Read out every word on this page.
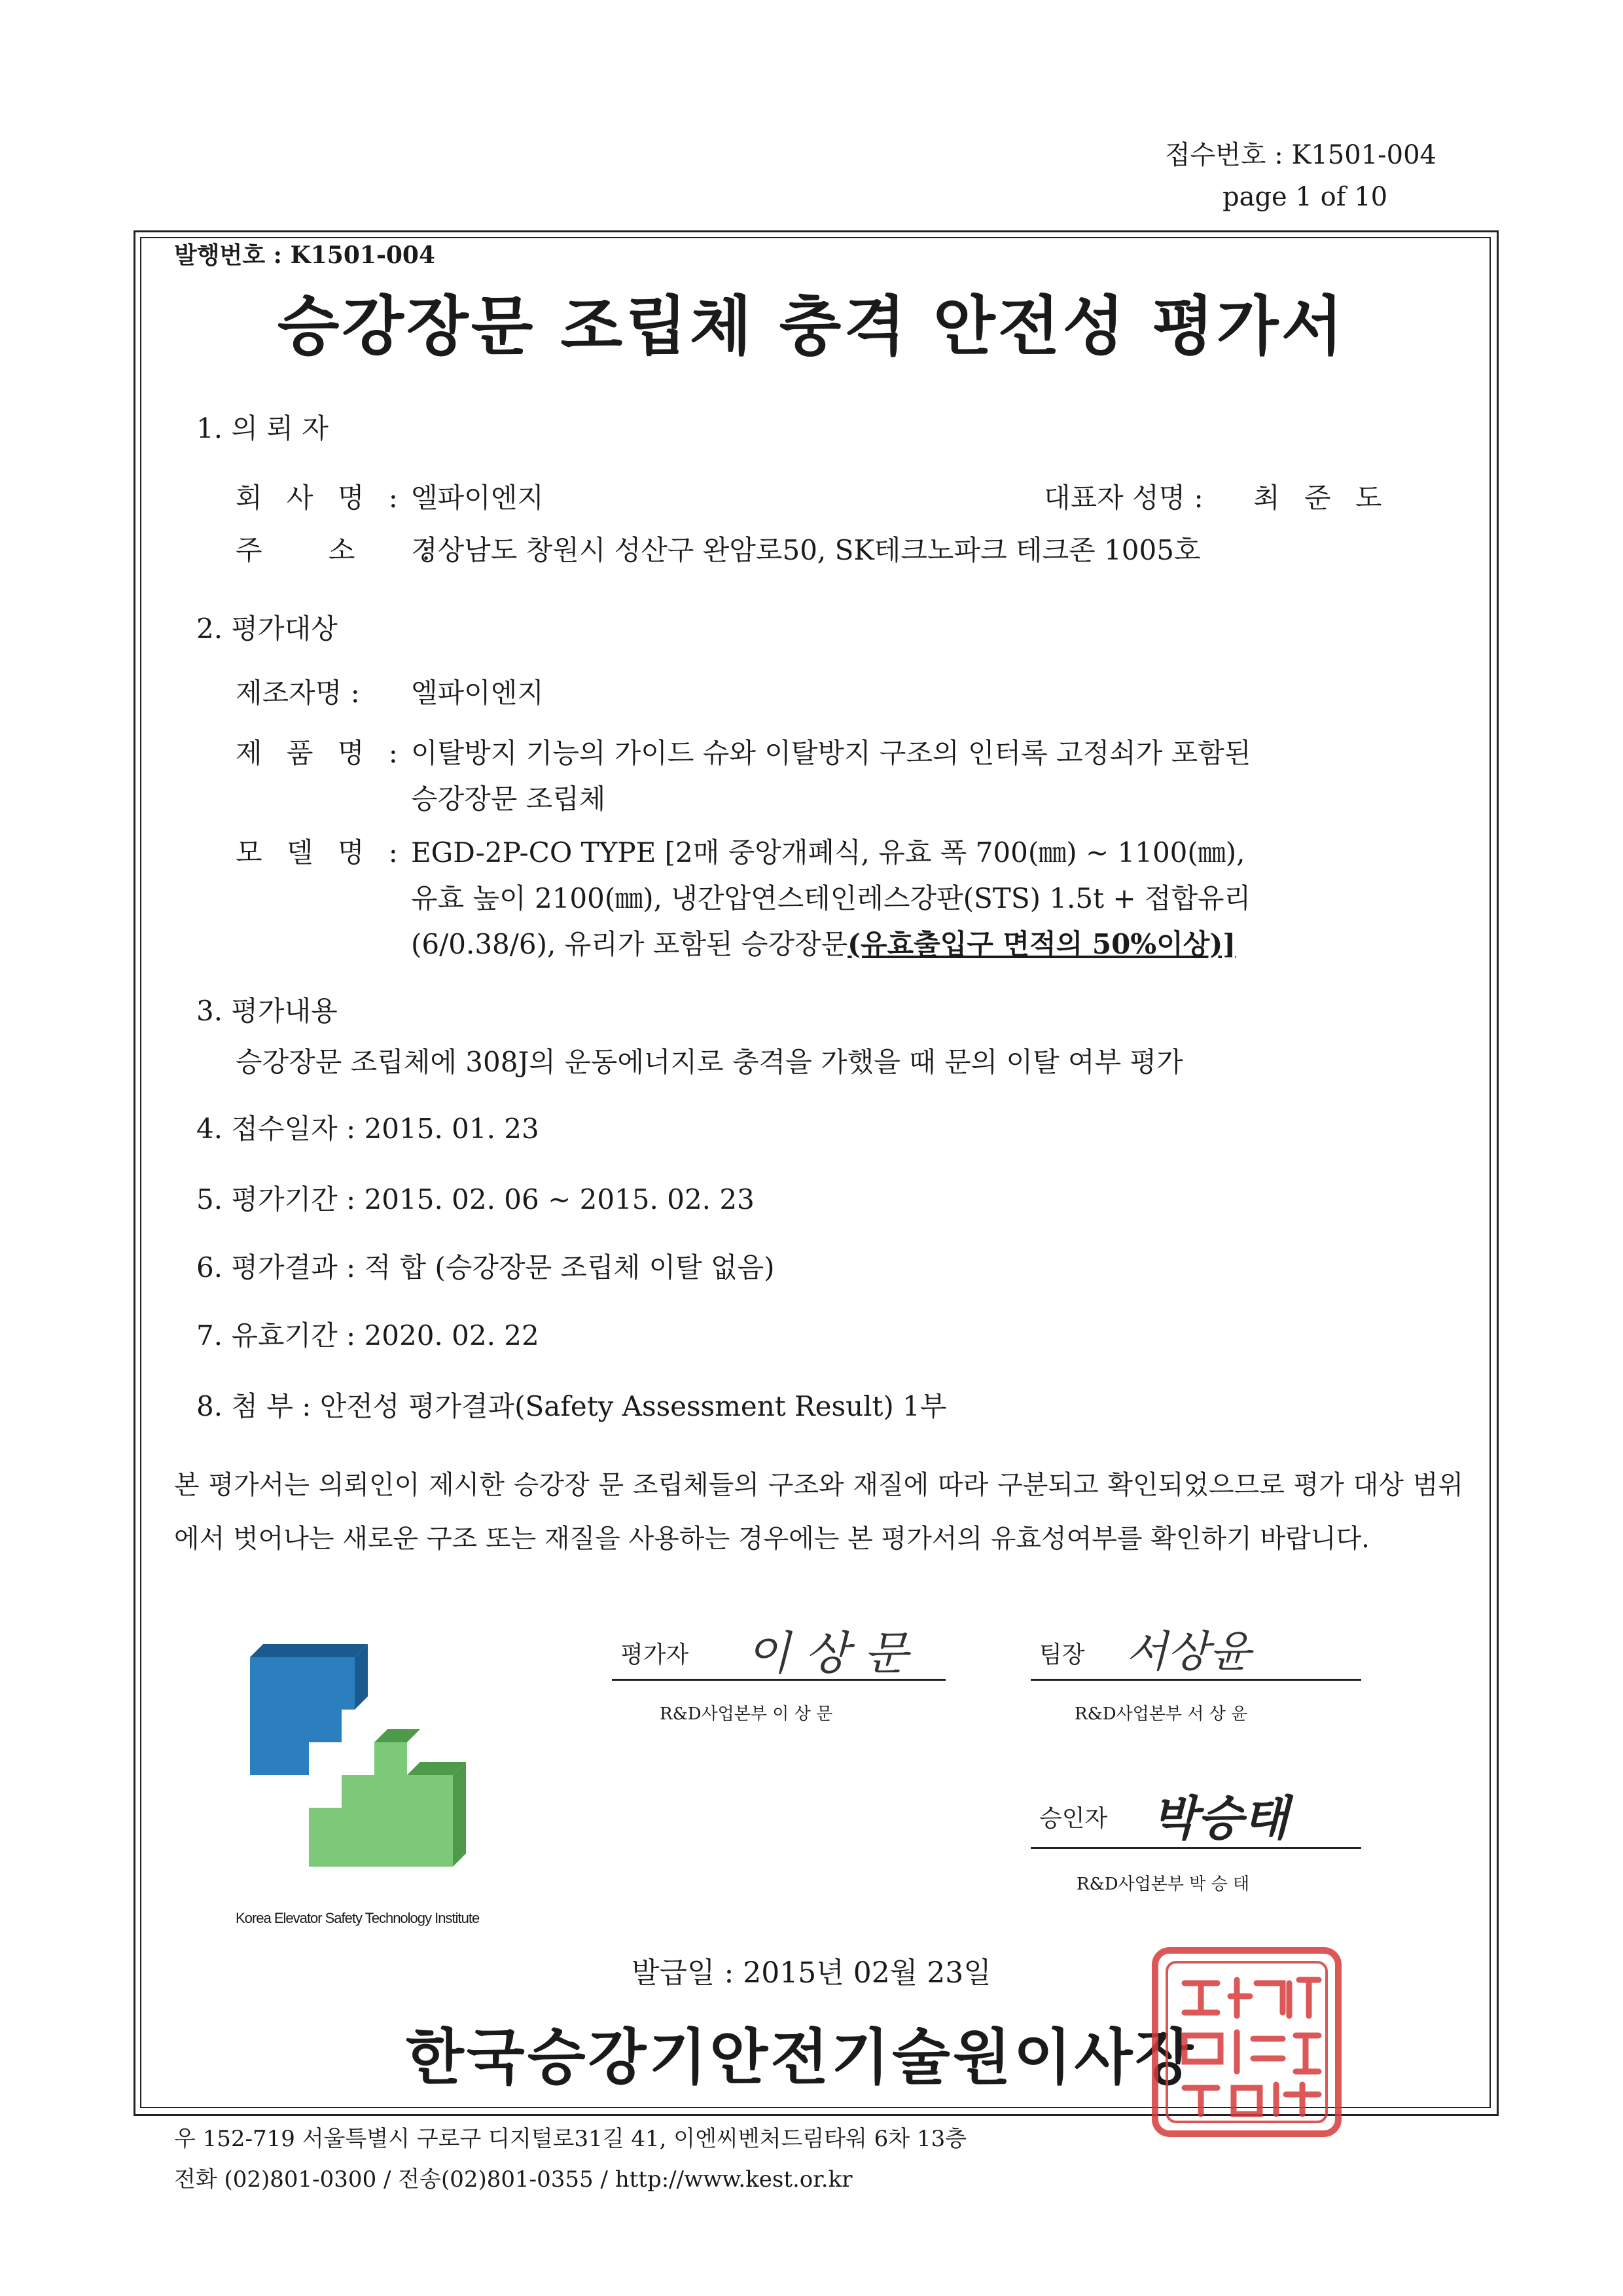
접수번호 : K1501-004
page 1 of 10
발행번호 : K1501-004
승강장문 조립체 충격 안전성 평가서
1. 의 뢰 자
회 사 명 : 엘파이엔지	대표자 성명 : 최 준 도
주 소 :
경상남도 창원시 성산구 완암로50, SK테크노파크 테크존 1005호
2. 평가대상
제조자명 : 엘파이엔지
제 품 명 : 이탈방지 기능의 가이드 슈와 이탈방지 구조의 인터록 고정쇠가 포함된
승강장문 조립체
모 델 명 : EGD-2P-CO TYPE [2매 중앙개폐식, 유효 폭 700(㎜) ~ 1100(㎜),
유효 높이 2100(㎜), 냉간압연스테인레스강판(STS) 1.5t + 접합유리
(6/0.38/6), 유리가 포함된 승강장문(유효출입구 면적의 50%이상)]
3. 평가내용
승강장문 조립체에 308J의 운동에너지로 충격을 가했을 때 문의 이탈 여부 평가
4. 접수일자 : 2015. 01. 23
5. 평가기간 : 2015. 02. 06 ~ 2015. 02. 23
6. 평가결과 : 적 합 (승강장문 조립체 이탈 없음)
7. 유효기간 : 2020. 02. 22
8. 첨 부 : 안전성 평가결과(Safety Assessment Result) 1부
본 평가서는 의뢰인이 제시한 승강장 문 조립체들의 구조와 재질에 따라 구분되고 확인되었으므로 평가 대상 범위에서 벗어나는 새로운 구조 또는 재질을 사용하는 경우에는 본 평가서의 유효성여부를 확인하기 바랍니다.
평가자 이 상 문
R&D사업본부 이 상 문
팀장 서상윤
R&D사업본부 서 상 윤
승인자 박승태
R&D사업본부 박 승 태
Korea Elevator Safety Technology Institute
발급일 : 2015년 02월 23일
한국승강기안전기술원이사장
우 152-719 서울특별시 구로구 디지털로31길 41, 이엔씨벤처드림타워 6차 13층
전화 (02)801-0300 / 전송(02)801-0355 / http://www.kest.or.kr
